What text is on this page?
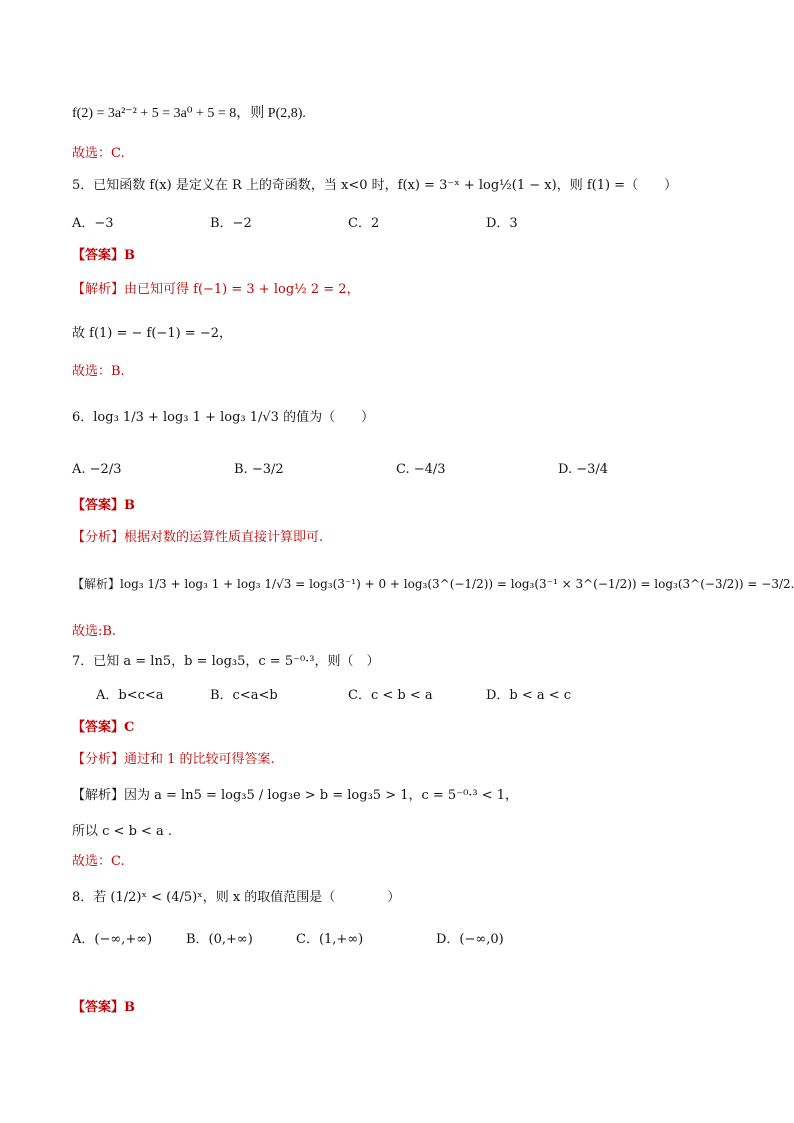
f(2) = 3a²⁻² + 5 = 3a⁰ + 5 = 8，则 P(2,8).
故选：C.
5．已知函数 f(x) 是定义在 R 上的奇函数，当 x<0 时，f(x) = 3⁻ˣ + log½(1 − x)，则 f(1) =（　　）
A．−3	B．−2	C．2	D．3
【答案】B
【解析】由已知可得 f(−1) = 3 + log½ 2 = 2，
故 f(1) = − f(−1) = −2，
故选：B.
6．log₃ 1/3 + log₃ 1 + log₃ 1/√3 的值为（　　）
A. −2/3	B. −3/2	C. −4/3	D. −3/4
【答案】B
【分析】根据对数的运算性质直接计算即可.
【解析】log₃ 1/3 + log₃ 1 + log₃ 1/√3 = log₃(3⁻¹) + 0 + log₃(3^(−1/2)) = log₃(3⁻¹ × 3^(−1/2)) = log₃(3^(−3/2)) = −3/2.
故选:B.
7．已知 a = ln5，b = log₃5，c = 5⁻⁰·³，则（　）
A．b<c<a	B．c<a<b	C．c < b < a	D．b < a < c
【答案】C
【分析】通过和 1 的比较可得答案.
【解析】因为 a = ln5 = log₃5 / log₃e > b = log₃5 > 1，c = 5⁻⁰·³ < 1，
所以 c < b < a .
故选：C.
8．若 (1/2)ˣ < (4/5)ˣ，则 x 的取值范围是（　　　　）
A．(−∞,+∞)	B．(0,+∞)	C．(1,+∞)	D．(−∞,0)
【答案】B
